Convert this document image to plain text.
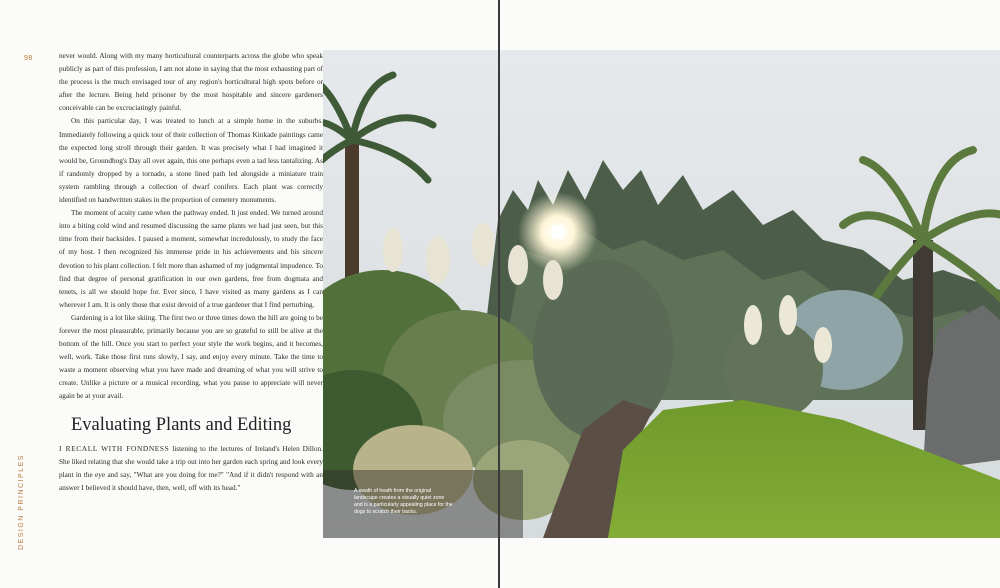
98
DESIGN PRINCIPLES

never would. Along with my many horticultural counterparts across the globe who speak publicly as part of this profession, I am not alone in saying that the most exhausting part of the process is the much envisaged tour of any region's horticultural high spots before or after the lecture. Being held prisoner by the most hospitable and sincere gardeners conceivable can be excruciatingly painful.

On this particular day, I was treated to lunch at a simple home in the suburbs. Immediately following a quick tour of their collection of Thomas Kinkade paintings came the expected long stroll through their garden. It was precisely what I had imagined it would be, Groundhog's Day all over again, this one perhaps even a tad less tantalizing. As if randomly dropped by a tornado, a stone lined path led alongside a miniature train system rambling through a collection of dwarf conifers. Each plant was correctly identified on handwritten stakes in the proportion of cemetery monuments.

The moment of acuity came when the pathway ended. It just ended. We turned around into a biting cold wind and resumed discussing the same plants we had just seen, but this time from their backsides. I paused a moment, somewhat incredulously, to study the face of my host. I then recognized his immense pride in his achievements and his sincere devotion to his plant collection. I felt more than ashamed of my judgmental impudence. To find that degree of personal gratification in our own gardens, free from dogmata and tenets, is all we should hope for. Ever since, I have visited as many gardens as I can wherever I am. It is only those that exist devoid of a true gardener that I find perturbing.

Gardening is a lot like skiing. The first two or three times down the hill are going to be forever the most pleasurable, primarily because you are so grateful to still be alive at the bottom of the hill. Once you start to perfect your style the work begins, and it becomes, well, work. Take those first runs slowly, I say, and enjoy every minute. Take the time to waste a moment observing what you have made and dreaming of what you will strive to create. Unlike a picture or a musical recording, what you pause to appreciate will never again be at your avail.

Evaluating Plants and Editing

I RECALL WITH FONDNESS listening to the lectures of Ireland's Helen Dillon. She liked relating that she would take a trip out into her garden each spring and look every plant in the eye and say, "What are you doing for me?" "And if it didn't respond with an answer I believed it should have, then, well, off with its head."	A swath of heath from the original landscape creates a visually quiet zone and is a particularly appealing place for the dogs to scratch their backs.
